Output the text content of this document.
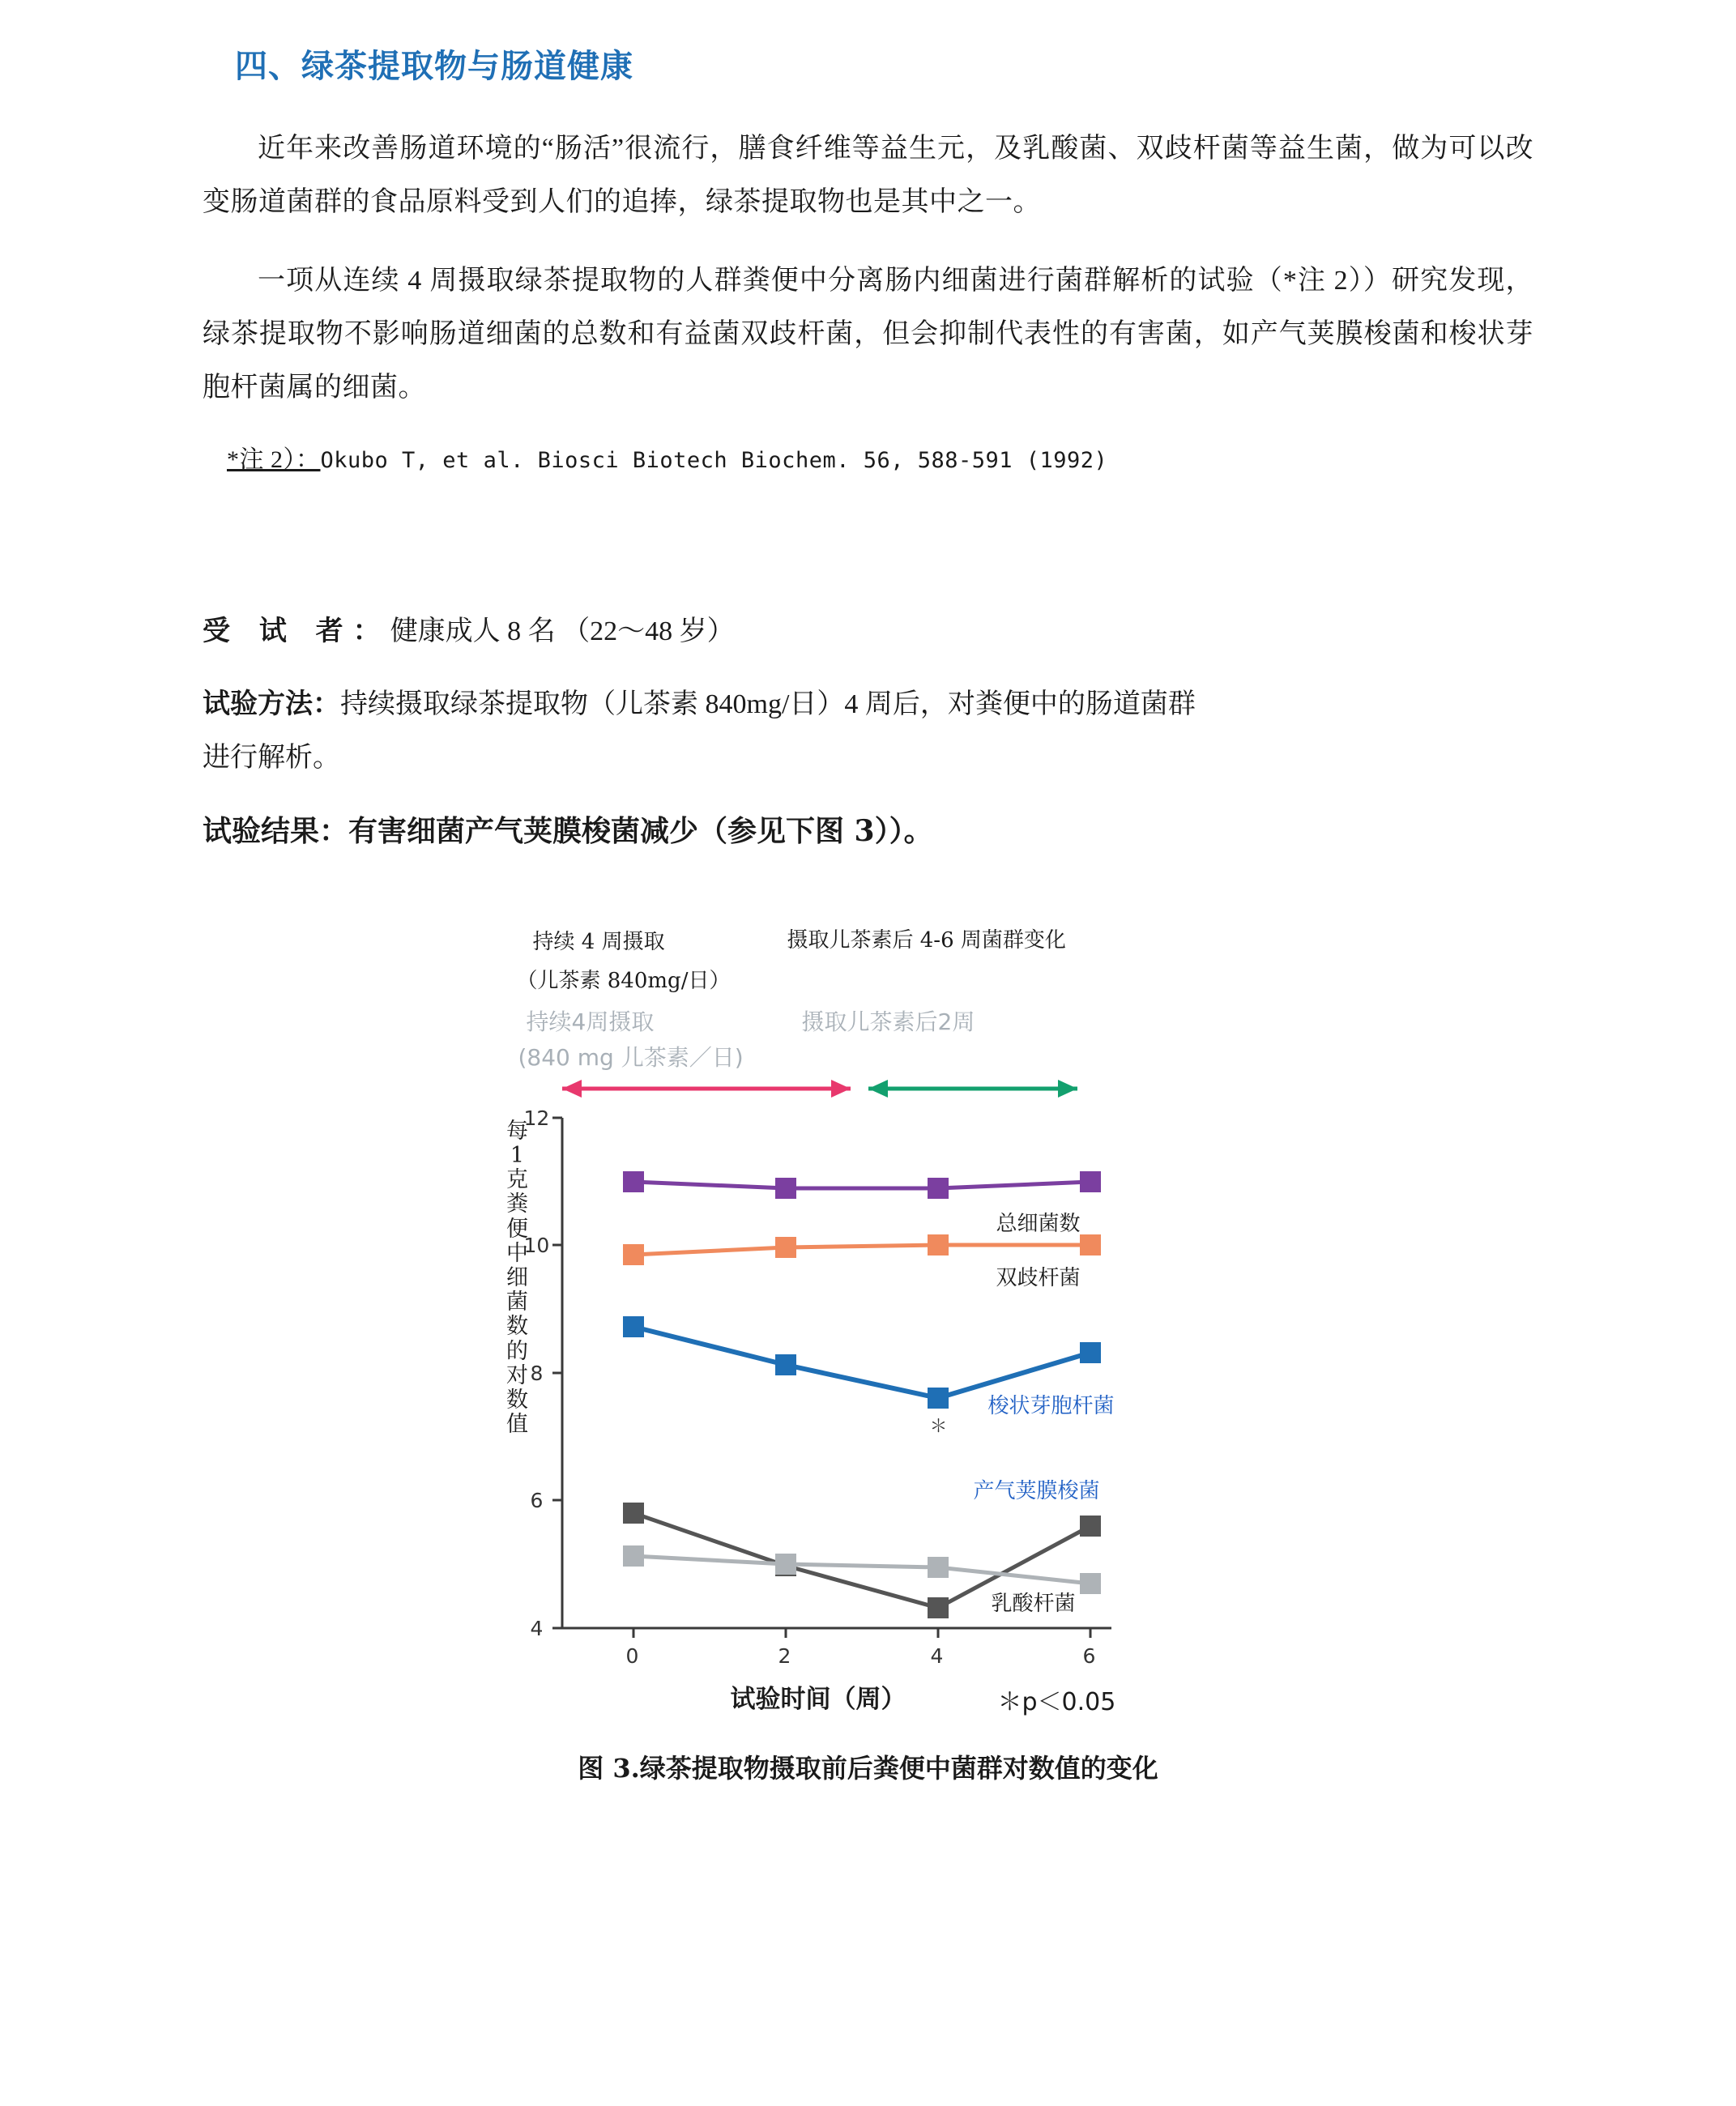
四、绿茶提取物与肠道健康

近年来改善肠道环境的“肠活”很流行，膳食纤维等益生元，及乳酸菌、双歧杆菌等益生菌，做为可以改变肠道菌群的食品原料受到人们的追捧，绿茶提取物也是其中之一。

一项从连续 4 周摄取绿茶提取物的人群粪便中分离肠内细菌进行菌群解析的试验（*注 2））研究发现，绿茶提取物不影响肠道细菌的总数和有益菌双歧杆菌，但会抑制代表性的有害菌，如产气荚膜梭菌和梭状芽胞杆菌属的细菌。

*注 2）：Okubo T, et al. Biosci Biotech Biochem. 56, 588-591 (1992)
受 试 者：健康成人 8 名 （22～48 岁）
试验方法：持续摄取绿茶提取物（儿茶素 840mg/日）4 周后，对粪便中的肠道菌群
进行解析。
试验结果：有害细菌产气荚膜梭菌减少（参见下图 3））。
持续 4 周摄取
（儿茶素 840mg/日）
摄取儿茶素后 4-6 周菌群变化
持续4周摄取
(840 mg 儿茶素／日)
摄取儿茶素后2周
每1克粪便中细菌数的对数值
12
10
8
6
4
0	2	4	6
＊
总细菌数
双歧杆菌
梭状芽胞杆菌
产气荚膜梭菌
乳酸杆菌
试验时间（周）	＊p＜0.05
图 3.绿茶提取物摄取前后粪便中菌群对数值的变化
